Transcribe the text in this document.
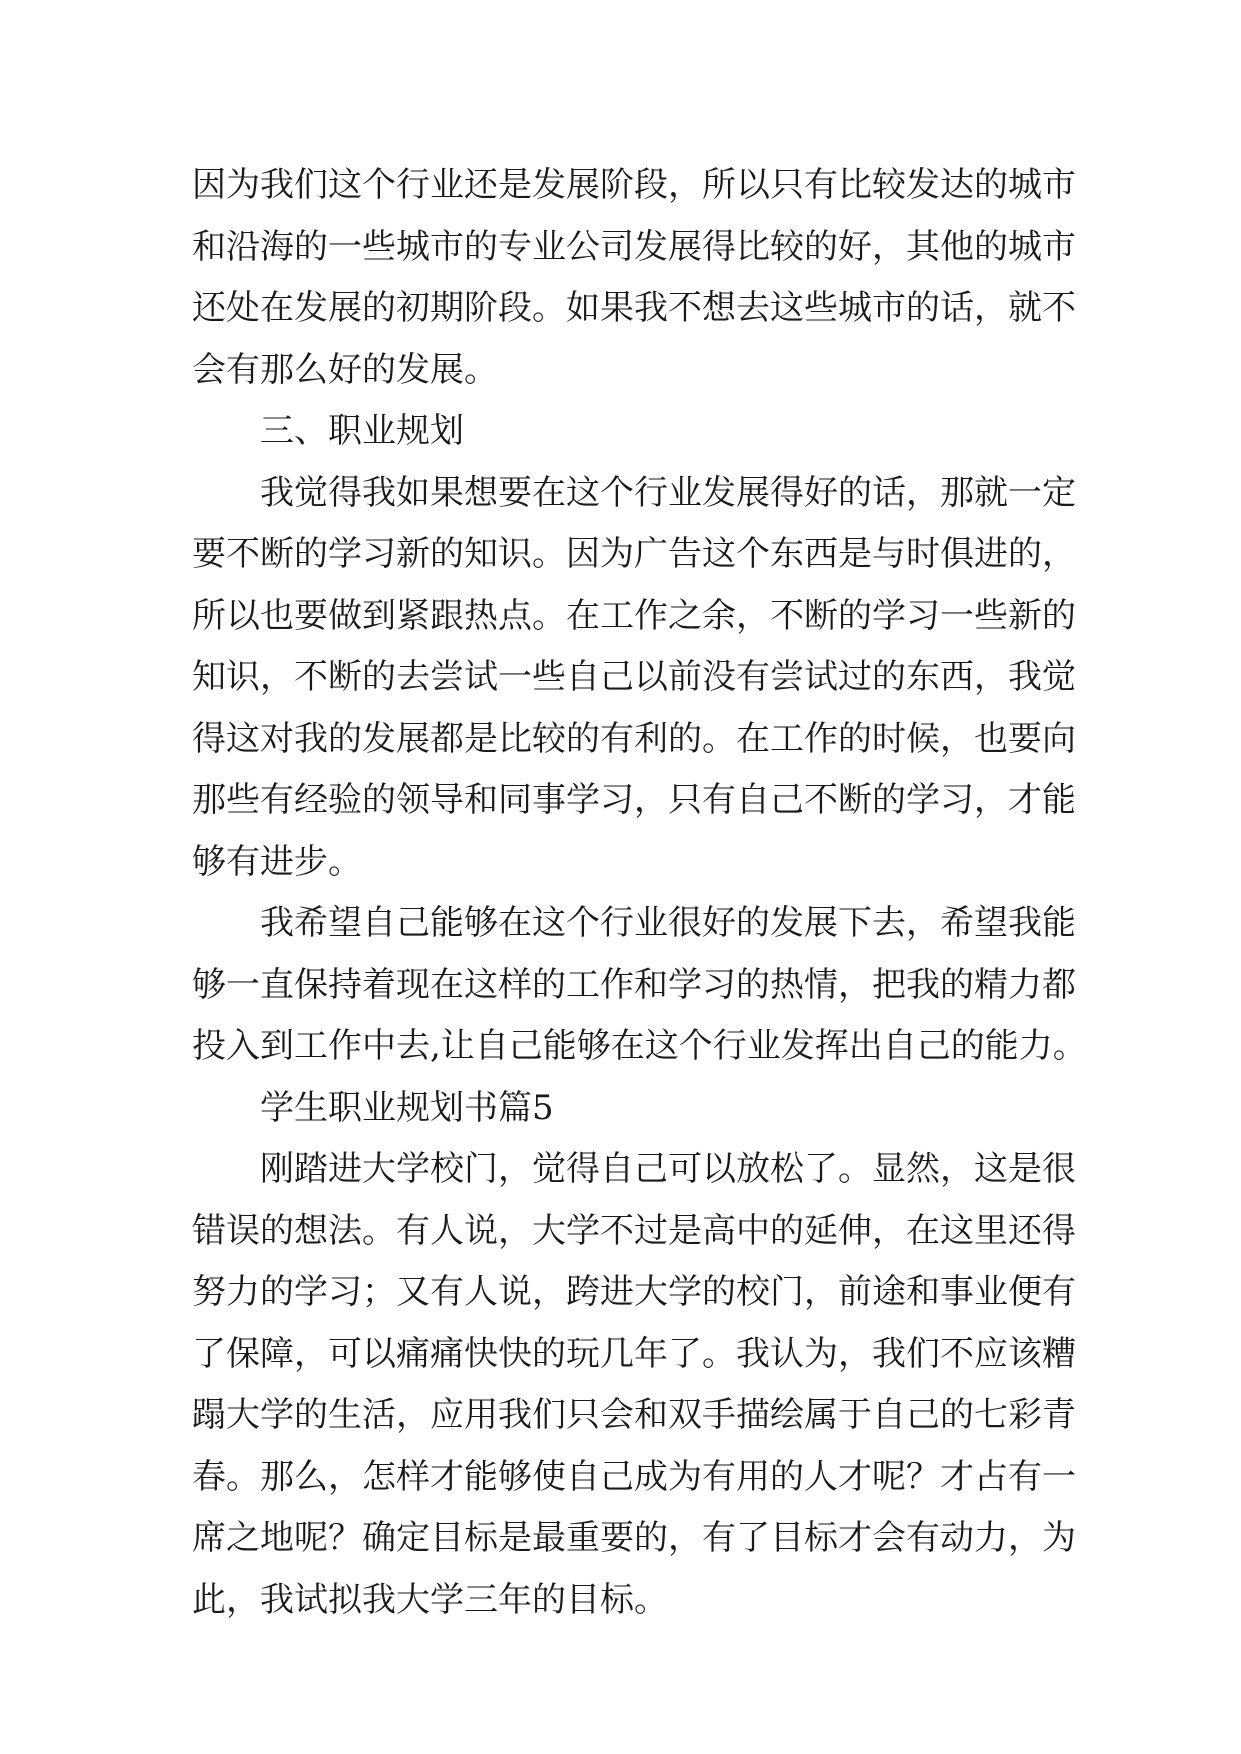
因为我们这个行业还是发展阶段，所以只有比较发达的城市
和沿海的一些城市的专业公司发展得比较的好，其他的城市
还处在发展的初期阶段。如果我不想去这些城市的话，就不
会有那么好的发展。
三、职业规划
我觉得我如果想要在这个行业发展得好的话，那就一定
要不断的学习新的知识。因为广告这个东西是与时俱进的，
所以也要做到紧跟热点。在工作之余，不断的学习一些新的
知识，不断的去尝试一些自己以前没有尝试过的东西，我觉
得这对我的发展都是比较的有利的。在工作的时候，也要向
那些有经验的领导和同事学习，只有自己不断的学习，才能
够有进步。
我希望自己能够在这个行业很好的发展下去，希望我能
够一直保持着现在这样的工作和学习的热情，把我的精力都
投入到工作中去,让自己能够在这个行业发挥出自己的能力。
学生职业规划书篇5
刚踏进大学校门，觉得自己可以放松了。显然，这是很
错误的想法。有人说，大学不过是高中的延伸，在这里还得
努力的学习；又有人说，跨进大学的校门，前途和事业便有
了保障，可以痛痛快快的玩几年了。我认为，我们不应该糟
蹋大学的生活，应用我们只会和双手描绘属于自己的七彩青
春。那么，怎样才能够使自己成为有用的人才呢？才占有一
席之地呢？确定目标是最重要的，有了目标才会有动力，为
此，我试拟我大学三年的目标。
